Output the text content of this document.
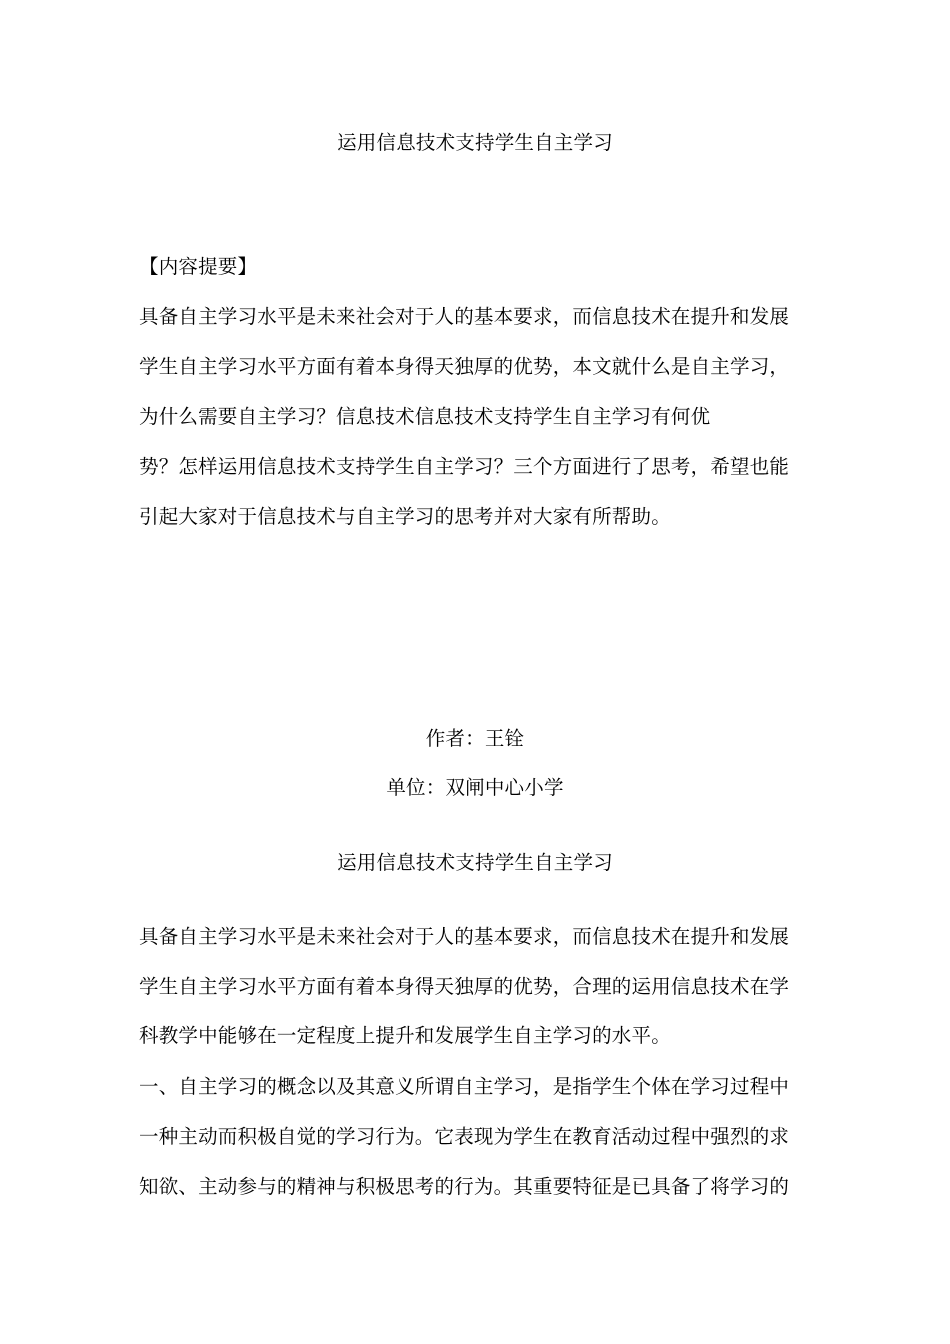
运用信息技术支持学生自主学习
【内容提要】
具备自主学习水平是未来社会对于人的基本要求，而信息技术在提升和发展
学生自主学习水平方面有着本身得天独厚的优势，本文就什么是自主学习，
为什么需要自主学习？信息技术信息技术支持学生自主学习有何优
势？怎样运用信息技术支持学生自主学习？三个方面进行了思考，希望也能
引起大家对于信息技术与自主学习的思考并对大家有所帮助。
作者：王铨
单位：双闸中心小学
运用信息技术支持学生自主学习
具备自主学习水平是未来社会对于人的基本要求，而信息技术在提升和发展
学生自主学习水平方面有着本身得天独厚的优势，合理的运用信息技术在学
科教学中能够在一定程度上提升和发展学生自主学习的水平。
一、自主学习的概念以及其意义所谓自主学习，是指学生个体在学习过程中
一种主动而积极自觉的学习行为。它表现为学生在教育活动过程中强烈的求
知欲、主动参与的精神与积极思考的行为。其重要特征是已具备了将学习的
